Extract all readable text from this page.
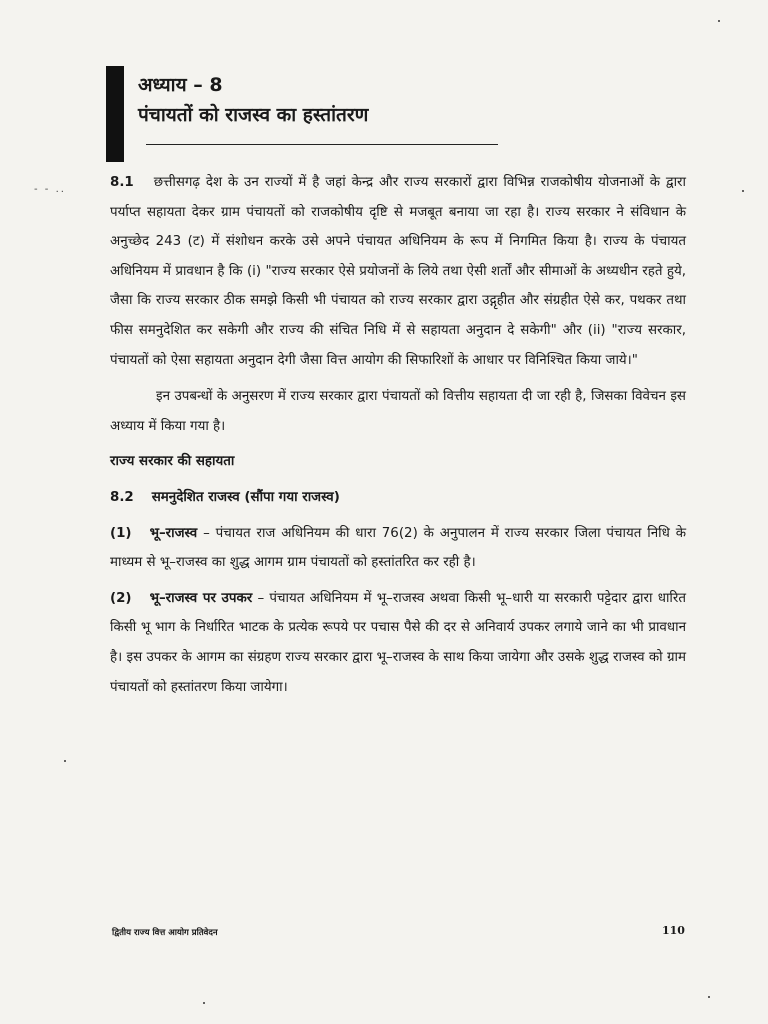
अध्याय – 8
पंचायतों को राजस्व का हस्तांतरण
- - ..	8.1 छत्तीसगढ़ देश के उन राज्यों में है जहां केन्द्र और राज्य सरकारों द्वारा विभिन्न राजकोषीय योजनाओं के द्वारा पर्याप्त सहायता देकर ग्राम पंचायतों को राजकोषीय दृष्टि से मजबूत बनाया जा रहा है। राज्य सरकार ने संविधान के अनुच्छेद 243 (ट) में संशोधन करके उसे अपने पंचायत अधिनियम के रूप में निगमित किया है। राज्य के पंचायत अधिनियम में प्रावधान है कि (i) "राज्य सरकार ऐसे प्रयोजनों के लिये तथा ऐसी शर्तों और सीमाओं के अध्यधीन रहते हुये, जैसा कि राज्य सरकार ठीक समझे किसी भी पंचायत को राज्य सरकार द्वारा उद्गृहीत और संग्रहीत ऐसे कर, पथकर तथा फीस समनुदेशित कर सकेगी और राज्य की संचित निधि में से सहायता अनुदान दे सकेगी" और (ii) "राज्य सरकार, पंचायतों को ऐसा सहायता अनुदान देगी जैसा वित्त आयोग की सिफारिशों के आधार पर विनिश्चित किया जाये।"

इन उपबन्धों के अनुसरण में राज्य सरकार द्वारा पंचायतों को वित्तीय सहायता दी जा रही है, जिसका विवेचन इस अध्याय में किया गया है।

राज्य सरकार की सहायता
8.2 समनुदेशित राजस्व (सौंपा गया राजस्व)

(1) भू–राजस्व – पंचायत राज अधिनियम की धारा 76(2) के अनुपालन में राज्य सरकार जिला पंचायत निधि के माध्यम से भू–राजस्व का शुद्ध आगम ग्राम पंचायतों को हस्तांतरित कर रही है।

(2) भू–राजस्व पर उपकर – पंचायत अधिनियम में भू–राजस्व अथवा किसी भू–धारी या सरकारी पट्टेदार द्वारा धारित किसी भू भाग के निर्धारित भाटक के प्रत्येक रूपये पर पचास पैसे की दर से अनिवार्य उपकर लगाये जाने का भी प्रावधान है। इस उपकर के आगम का संग्रहण राज्य सरकार द्वारा भू–राजस्व के साथ किया जायेगा और उसके शुद्ध राजस्व को ग्राम पंचायतों को हस्तांतरण किया जायेगा।

द्वितीय राज्य वित्त आयोग प्रतिवेदन	110
